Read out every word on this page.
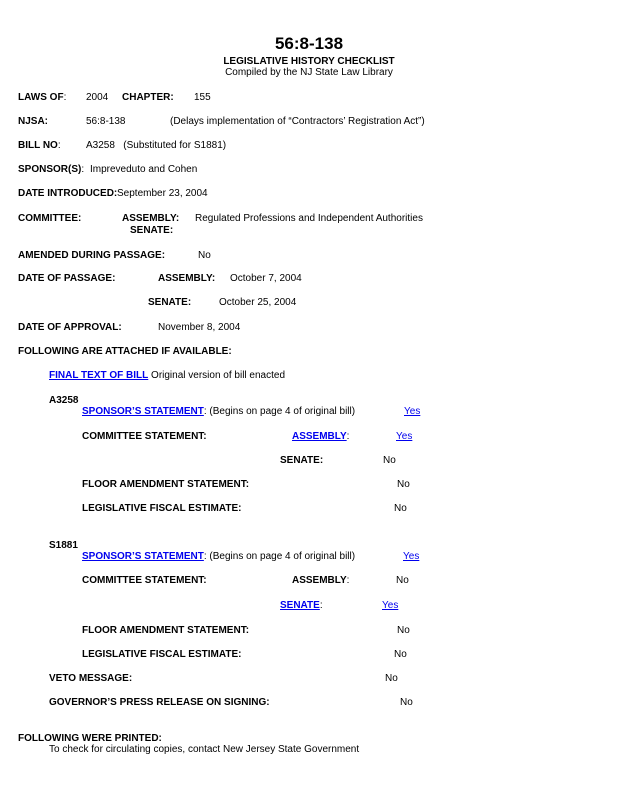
56:8-138
LEGISLATIVE HISTORY CHECKLIST
Compiled by the NJ State Law Library
LAWS OF: 2004 CHAPTER: 155
NJSA:	56:8-138	(Delays implementation of “Contractors’ Registration Act”)
BILL NO:	A3258   (Substituted for S1881)
SPONSOR(S): Impreveduto and Cohen
DATE INTRODUCED: September 23, 2004
COMMITTEE:	ASSEMBLY: Regulated Professions and Independent Authorities
SENATE:
AMENDED DURING PASSAGE:	No
DATE OF PASSAGE:	ASSEMBLY: October 7, 2004
SENATE:	October 25, 2004
DATE OF APPROVAL:	November 8, 2004
FOLLOWING ARE ATTACHED IF AVAILABLE:
FINAL TEXT OF BILL Original version of bill enacted
A3258
SPONSOR’S STATEMENT: (Begins on page 4 of original bill)	Yes
COMMITTEE STATEMENT:	ASSEMBLY:	Yes
SENATE:	No
FLOOR AMENDMENT STATEMENT:	No
LEGISLATIVE FISCAL ESTIMATE:	No
S1881
SPONSOR’S STATEMENT: (Begins on page 4 of original bill)	Yes
COMMITTEE STATEMENT:	ASSEMBLY:	No
SENATE:	Yes
FLOOR AMENDMENT STATEMENT:	No
LEGISLATIVE FISCAL ESTIMATE:	No
VETO MESSAGE:	No
GOVERNOR’S PRESS RELEASE ON SIGNING:	No
FOLLOWING WERE PRINTED:
To check for circulating copies, contact New Jersey State Government
